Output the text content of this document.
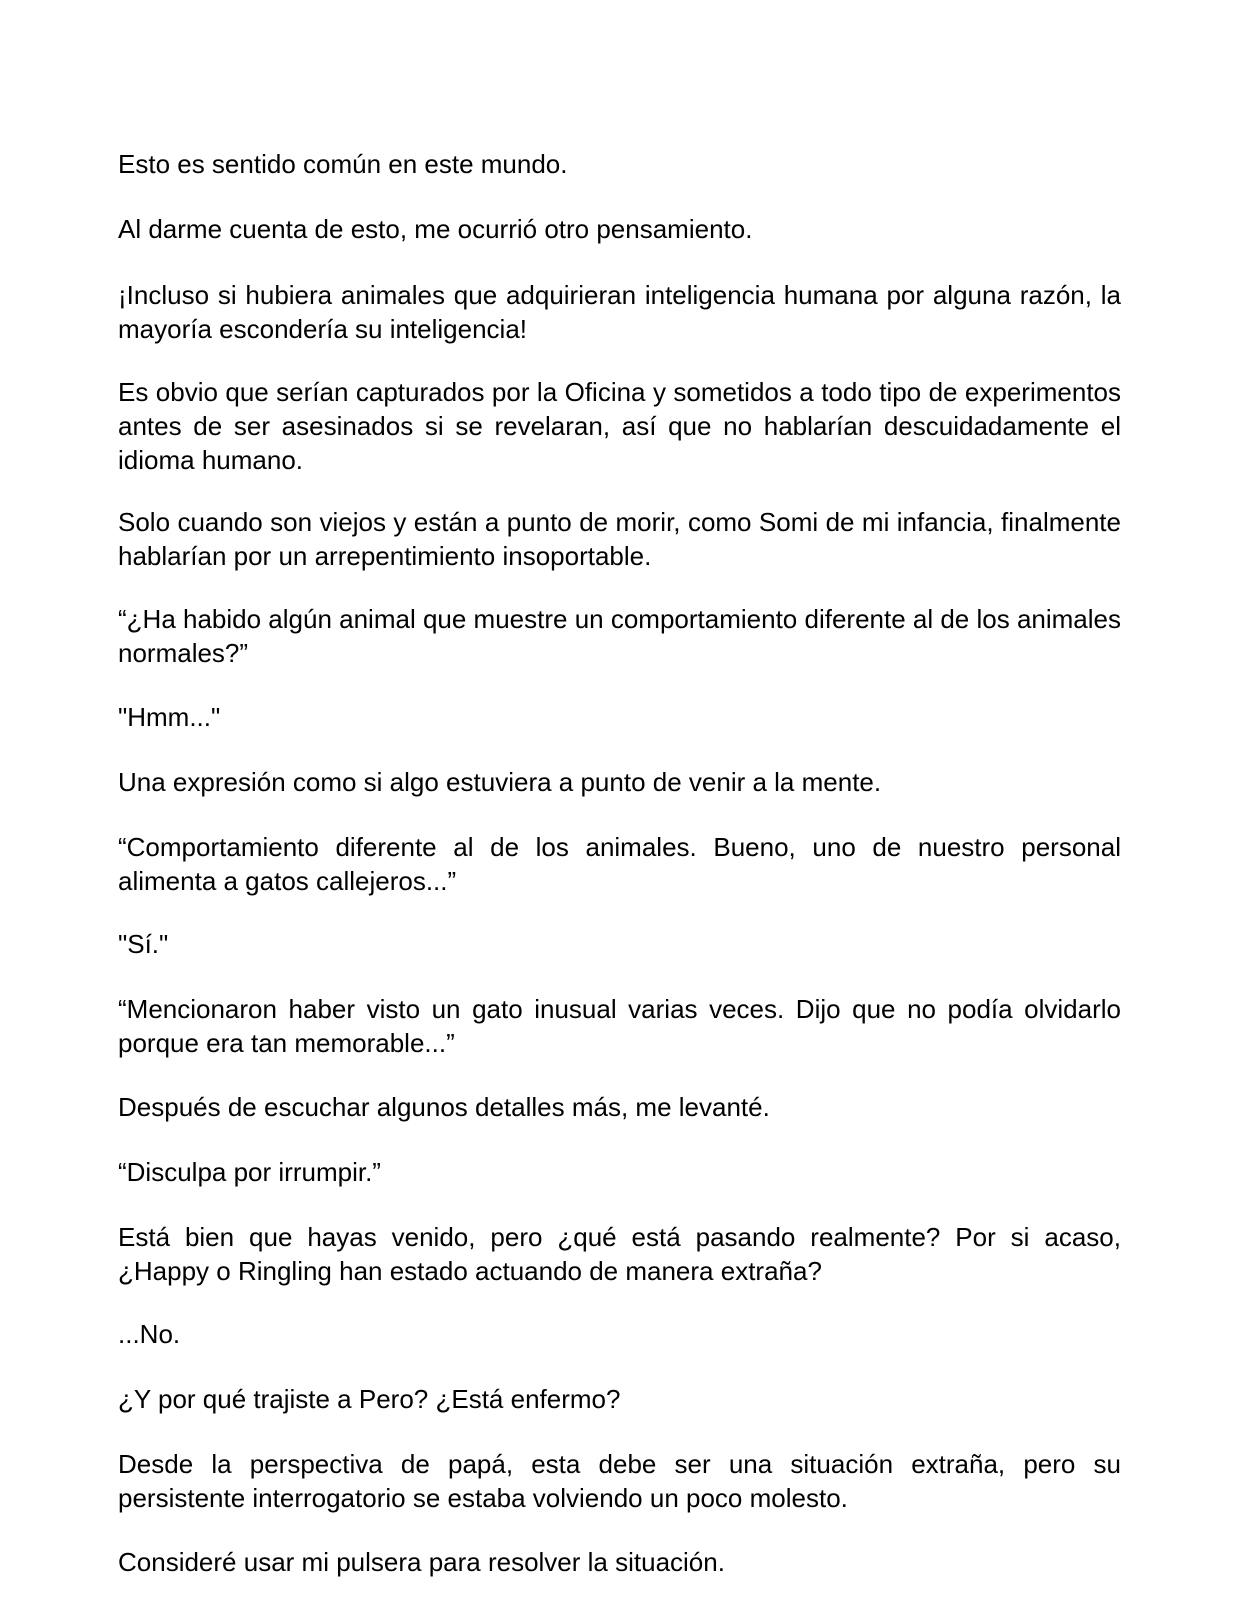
Esto es sentido común en este mundo.

Al darme cuenta de esto, me ocurrió otro pensamiento.

¡Incluso si hubiera animales que adquirieran inteligencia humana por alguna razón, la mayoría escondería su inteligencia!

Es obvio que serían capturados por la Oficina y sometidos a todo tipo de experimentos antes de ser asesinados si se revelaran, así que no hablarían descuidadamente el idioma humano.

Solo cuando son viejos y están a punto de morir, como Somi de mi infancia, finalmente hablarían por un arrepentimiento insoportable.

“¿Ha habido algún animal que muestre un comportamiento diferente al de los animales normales?”

"Hmm..."

Una expresión como si algo estuviera a punto de venir a la mente.

“Comportamiento diferente al de los animales. Bueno, uno de nuestro personal alimenta a gatos callejeros...”

"Sí."

“Mencionaron haber visto un gato inusual varias veces. Dijo que no podía olvidarlo porque era tan memorable...”

Después de escuchar algunos detalles más, me levanté.

“Disculpa por irrumpir.”

Está bien que hayas venido, pero ¿qué está pasando realmente? Por si acaso, ¿Happy o Ringling han estado actuando de manera extraña?

...No.

¿Y por qué trajiste a Pero? ¿Está enfermo?

Desde la perspectiva de papá, esta debe ser una situación extraña, pero su persistente interrogatorio se estaba volviendo un poco molesto.

Consideré usar mi pulsera para resolver la situación.
